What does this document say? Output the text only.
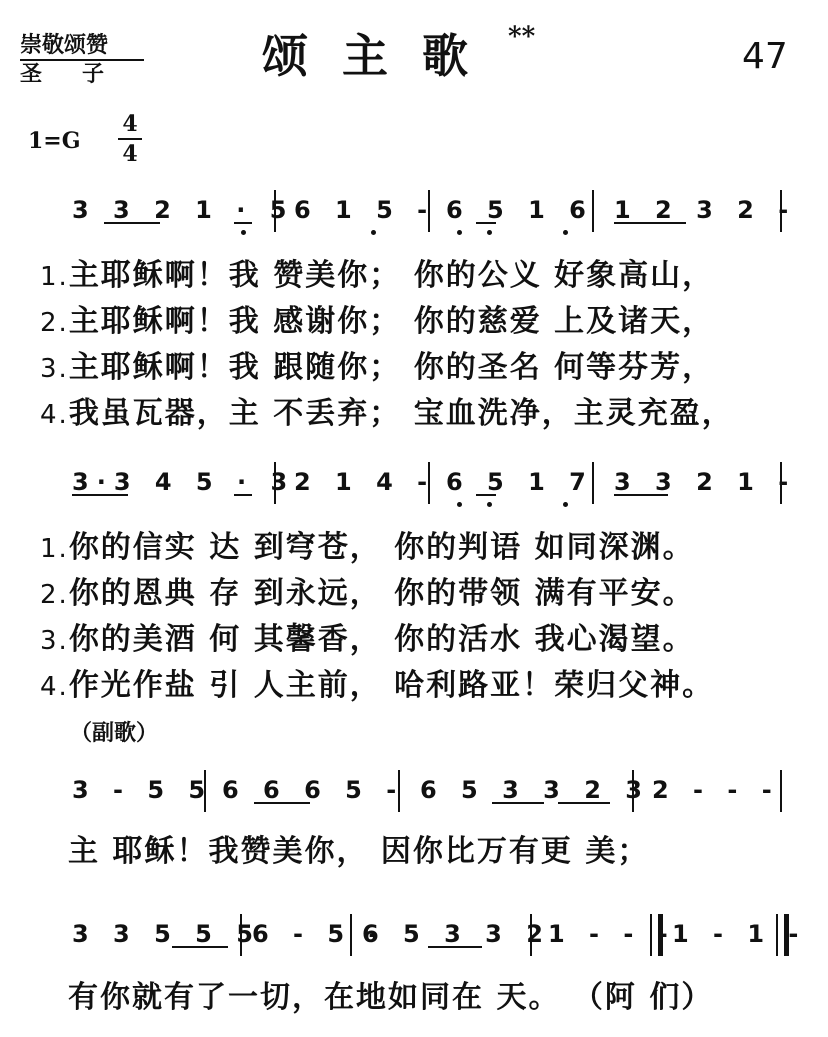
崇敬颂赞
圣子	颂主歌 **	47
1=G
4
4
3 3 2 1 · 5 6 1 5 - 6 5 1 6 1 2 3 2 -
1.主耶稣啊！我 赞美你； 你的公义 好象高山，
2.主耶稣啊！我 感谢你； 你的慈爱 上及诸天，
3.主耶稣啊！我 跟随你； 你的圣名 何等芬芳，
4.我虽瓦器，主 不丢弃； 宝血洗净，主灵充盈，
3·3 4 5 · 3
2 1 4 - 6 5 1 7 3 3 2 1 -
1.你的信实 达 到穹苍， 你的判语 如同深渊。
2.你的恩典 存 到永远， 你的带领 满有平安。
3.你的美酒 何 其馨香， 你的活水 我心渴望。
4.作光作盐 引 人主前， 哈利路亚！荣归父神。
（副歌）
3 - 5 5 6 6 6 5 - 6 5 3 3 2 3 2 - - -
主 耶稣！我赞美你， 因你比万有更 美；
3 3 5 5 5
6 - 5 -
6 5 3 3 2
1 - - -
1 - 1 -
有你就有了一切，在地如同在 天。 （阿 们）
